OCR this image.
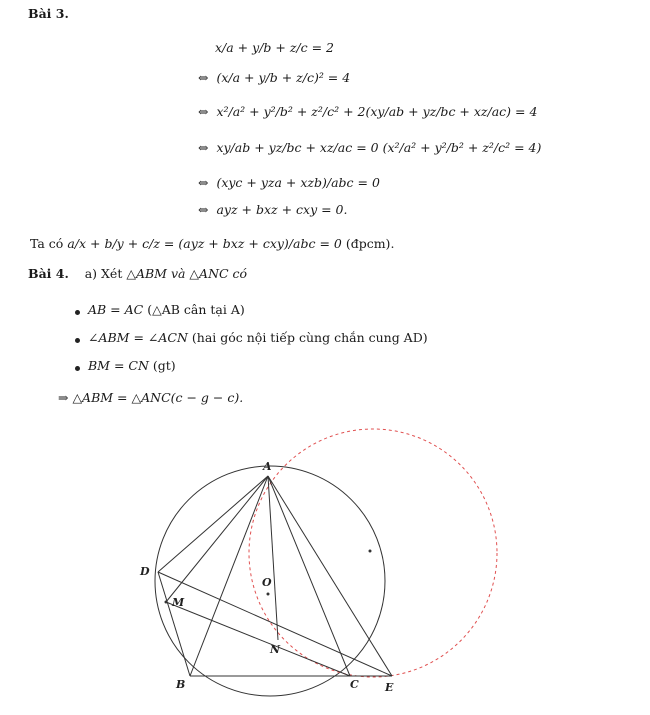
Bài 3.
x/a + y/b + z/c = 2
⇔ (x/a + y/b + z/c)² = 4
⇔ x²/a² + y²/b² + z²/c² + 2(xy/ab + yz/bc + xz/ac) = 4
⇔ xy/ab + yz/bc + xz/ac = 0 (x²/a² + y²/b² + z²/c² = 4)
⇔ (xyc + yza + xzb)/abc = 0
⇔ ayz + bxz + cxy = 0.
Ta có a/x + b/y + c/z = (ayz + bxz + cxy)/abc = 0 (đpcm).
Bài 4. a) Xét △ABM và △ANC có
AB = AC (△AB cân tại A)
∠ABM = ∠ACN (hai góc nội tiếp cùng chắn cung AD)
BM = CN (gt)
⇒ △ABM = △ANC(c − g − c).
A
O
D
M
N
B	C E
